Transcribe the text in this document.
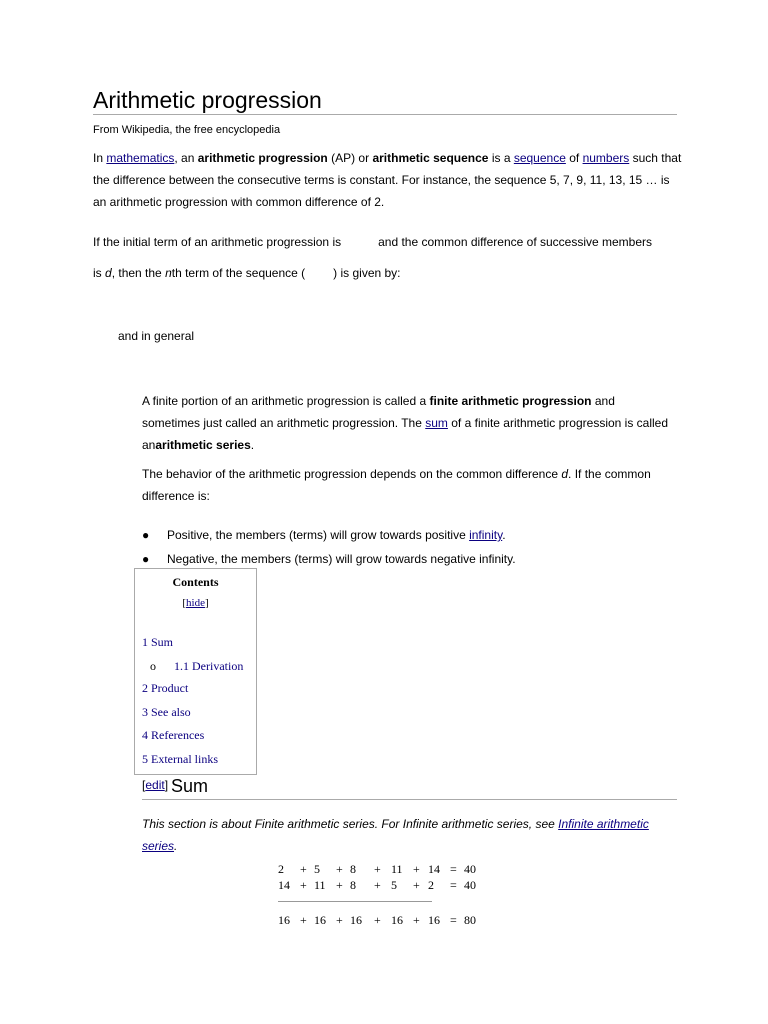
Arithmetic progression
From Wikipedia, the free encyclopedia
In mathematics, an arithmetic progression (AP) or arithmetic sequence is a sequence of numbers such that the difference between the consecutive terms is constant. For instance, the sequence 5, 7, 9, 11, 13, 15 … is an arithmetic progression with common difference of 2.
If the initial term of an arithmetic progression is	and the common difference of successive members
is d, then the nth term of the sequence ( ) is given by:
and in general
A finite portion of an arithmetic progression is called a finite arithmetic progression and sometimes just called an arithmetic progression. The sum of a finite arithmetic progression is called anarithmetic series.
The behavior of the arithmetic progression depends on the common difference d. If the common difference is:
● Positive, the members (terms) will grow towards positive infinity.
● Negative, the members (terms) will grow towards negative infinity.
Contents
[hide]
1 Sum
o 1.1 Derivation
2 Product
3 See also
4 References
5 External links
[edit] Sum
This section is about Finite arithmetic series. For Infinite arithmetic series, see Infinite arithmetic series.
2 + 5 + 8 + 11 + 14 = 40
14 + 11 + 8 + 5 + 2 = 40
16 + 16 + 16 + 16 + 16 = 80
